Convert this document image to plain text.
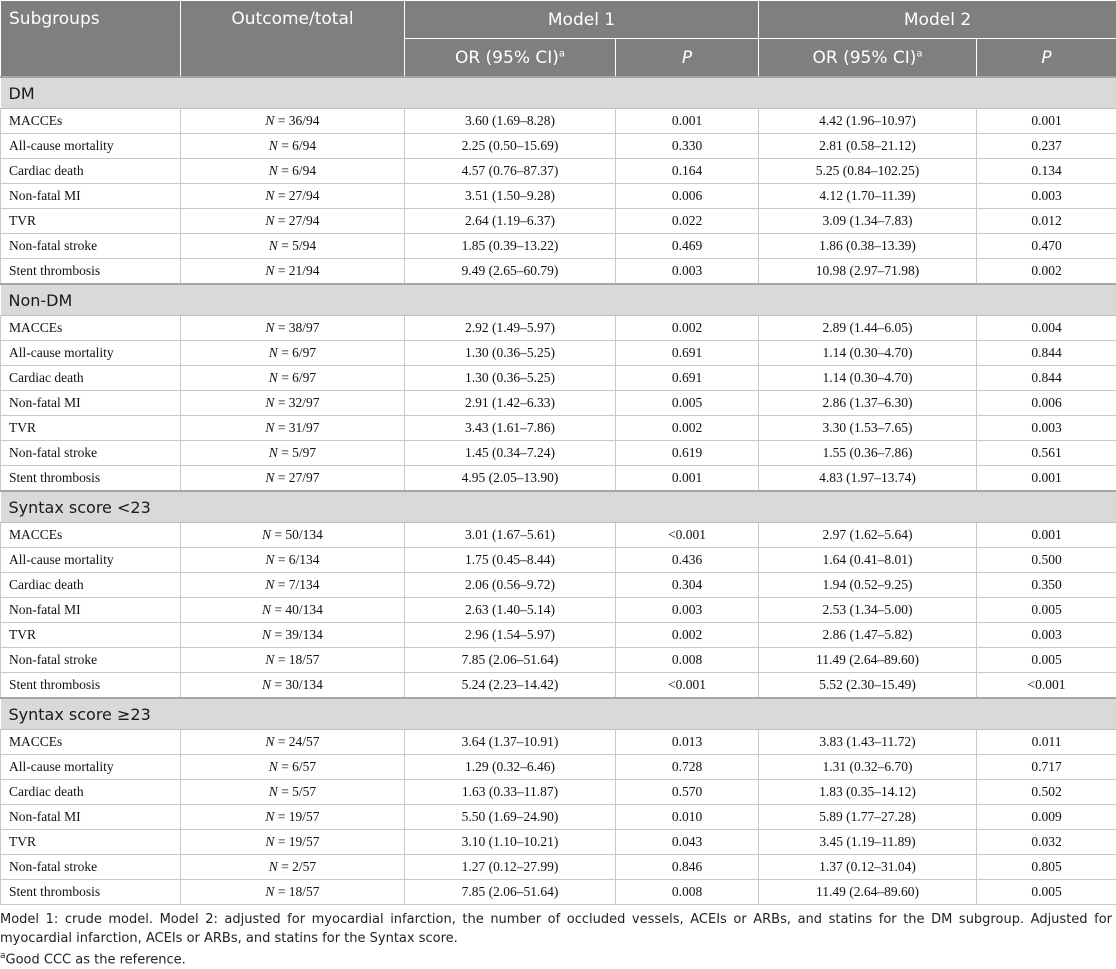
Subgroups	Outcome/total	Model 1		Model 2	
		OR (95% CI)$^a$	P	OR (95% CI)$^a$	P
DM					
MACCEs	N = 36/94	3.60 (1.69–8.28)	0.001	4.42 (1.96–10.97)	0.001
All-cause mortality	N = 6/94	2.25 (0.50–15.69)	0.330	2.81 (0.58–21.12)	0.237
Cardiac death	N = 6/94	4.57 (0.76–87.37)	0.164	5.25 (0.84–102.25)	0.134
Non-fatal MI	N = 27/94	3.51 (1.50–9.28)	0.006	4.12 (1.70–11.39)	0.003
TVR	N = 27/94	2.64 (1.19–6.37)	0.022	3.09 (1.34–7.83)	0.012
Non-fatal stroke	N = 5/94	1.85 (0.39–13.22)	0.469	1.86 (0.38–13.39)	0.470
Stent thrombosis	N = 21/94	9.49 (2.65–60.79)	0.003	10.98 (2.97–71.98)	0.002
Non-DM					
MACCEs	N = 38/97	2.92 (1.49–5.97)	0.002	2.89 (1.44–6.05)	0.004
All-cause mortality	N = 6/97	1.30 (0.36–5.25)	0.691	1.14 (0.30–4.70)	0.844
Cardiac death	N = 6/97	1.30 (0.36–5.25)	0.691	1.14 (0.30–4.70)	0.844
Non-fatal MI	N = 32/97	2.91 (1.42–6.33)	0.005	2.86 (1.37–6.30)	0.006
TVR	N = 31/97	3.43 (1.61–7.86)	0.002	3.30 (1.53–7.65)	0.003
Non-fatal stroke	N = 5/97	1.45 (0.34–7.24)	0.619	1.55 (0.36–7.86)	0.561
Stent thrombosis	N = 27/97	4.95 (2.05–13.90)	0.001	4.83 (1.97–13.74)	0.001
Syntax score <23					
MACCEs	N = 50/134	3.01 (1.67–5.61)	<0.001	2.97 (1.62–5.64)	0.001
All-cause mortality	N = 6/134	1.75 (0.45–8.44)	0.436	1.64 (0.41–8.01)	0.500
Cardiac death	N = 7/134	2.06 (0.56–9.72)	0.304	1.94 (0.52–9.25)	0.350
Non-fatal MI	N = 40/134	2.63 (1.40–5.14)	0.003	2.53 (1.34–5.00)	0.005
TVR	N = 39/134	2.96 (1.54–5.97)	0.002	2.86 (1.47–5.82)	0.003
Non-fatal stroke	N = 18/57	7.85 (2.06–51.64)	0.008	11.49 (2.64–89.60)	0.005
Stent thrombosis	N = 30/134	5.24 (2.23–14.42)	<0.001	5.52 (2.30–15.49)	<0.001
Syntax score ≥23					
MACCEs	N = 24/57	3.64 (1.37–10.91)	0.013	3.83 (1.43–11.72)	0.011
All-cause mortality	N = 6/57	1.29 (0.32–6.46)	0.728	1.31 (0.32–6.70)	0.717
Cardiac death	N = 5/57	1.63 (0.33–11.87)	0.570	1.83 (0.35–14.12)	0.502
Non-fatal MI	N = 19/57	5.50 (1.69–24.90)	0.010	5.89 (1.77–27.28)	0.009
TVR	N = 19/57	3.10 (1.10–10.21)	0.043	3.45 (1.19–11.89)	0.032
Non-fatal stroke	N = 2/57	1.27 (0.12–27.99)	0.846	1.37 (0.12–31.04)	0.805
Stent thrombosis	N = 18/57	7.85 (2.06–51.64)	0.008	11.49 (2.64–89.60)	0.005
Model 1: crude model. Model 2: adjusted for myocardial infarction, the number of occluded vessels, ACEIs or ARBs, and statins for the DM subgroup. Adjusted for myocardial infarction, ACEIs or ARBs, and statins for the Syntax score.
$^a$Good CCC as the reference.
